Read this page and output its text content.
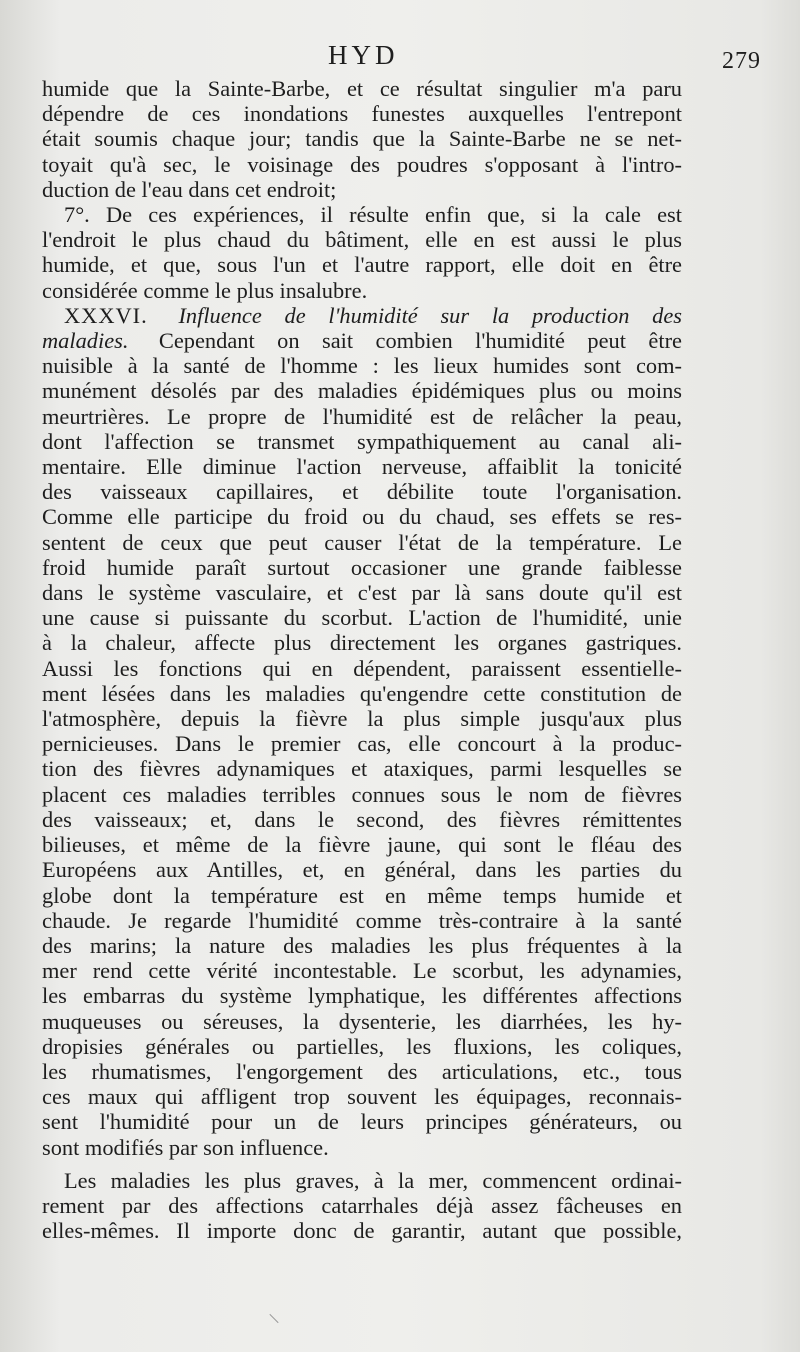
HYD	279
humide que la Sainte-Barbe, et ce résultat singulier m'a paru
dépendre de ces inondations funestes auxquelles l'entrepont
était soumis chaque jour; tandis que la Sainte-Barbe ne se net-
toyait qu'à sec, le voisinage des poudres s'opposant à l'intro-
duction de l'eau dans cet endroit;
7°. De ces expériences, il résulte enfin que, si la cale est
l'endroit le plus chaud du bâtiment, elle en est aussi le plus
humide, et que, sous l'un et l'autre rapport, elle doit en être
considérée comme le plus insalubre.
XXXVI. Influence de l'humidité sur la production des
maladies. Cependant on sait combien l'humidité peut être
nuisible à la santé de l'homme : les lieux humides sont com-
munément désolés par des maladies épidémiques plus ou moins
meurtrières. Le propre de l'humidité est de relâcher la peau,
dont l'affection se transmet sympathiquement au canal ali-
mentaire. Elle diminue l'action nerveuse, affaiblit la tonicité
des vaisseaux capillaires, et débilite toute l'organisation.
Comme elle participe du froid ou du chaud, ses effets se res-
sentent de ceux que peut causer l'état de la température. Le
froid humide paraît surtout occasioner une grande faiblesse
dans le système vasculaire, et c'est par là sans doute qu'il est
une cause si puissante du scorbut. L'action de l'humidité, unie
à la chaleur, affecte plus directement les organes gastriques.
Aussi les fonctions qui en dépendent, paraissent essentielle-
ment lésées dans les maladies qu'engendre cette constitution de
l'atmosphère, depuis la fièvre la plus simple jusqu'aux plus
pernicieuses. Dans le premier cas, elle concourt à la produc-
tion des fièvres adynamiques et ataxiques, parmi lesquelles se
placent ces maladies terribles connues sous le nom de fièvres
des vaisseaux; et, dans le second, des fièvres rémittentes
bilieuses, et même de la fièvre jaune, qui sont le fléau des
Européens aux Antilles, et, en général, dans les parties du
globe dont la température est en même temps humide et
chaude. Je regarde l'humidité comme très-contraire à la santé
des marins; la nature des maladies les plus fréquentes à la
mer rend cette vérité incontestable. Le scorbut, les adynamies,
les embarras du système lymphatique, les différentes affections
muqueuses ou séreuses, la dysenterie, les diarrhées, les hy-
dropisies générales ou partielles, les fluxions, les coliques,
les rhumatismes, l'engorgement des articulations, etc., tous
ces maux qui affligent trop souvent les équipages, reconnais-
sent l'humidité pour un de leurs principes générateurs, ou
sont modifiés par son influence.
Les maladies les plus graves, à la mer, commencent ordinai-
rement par des affections catarrhales déjà assez fâcheuses en
elles-mêmes. Il importe donc de garantir, autant que possible,
